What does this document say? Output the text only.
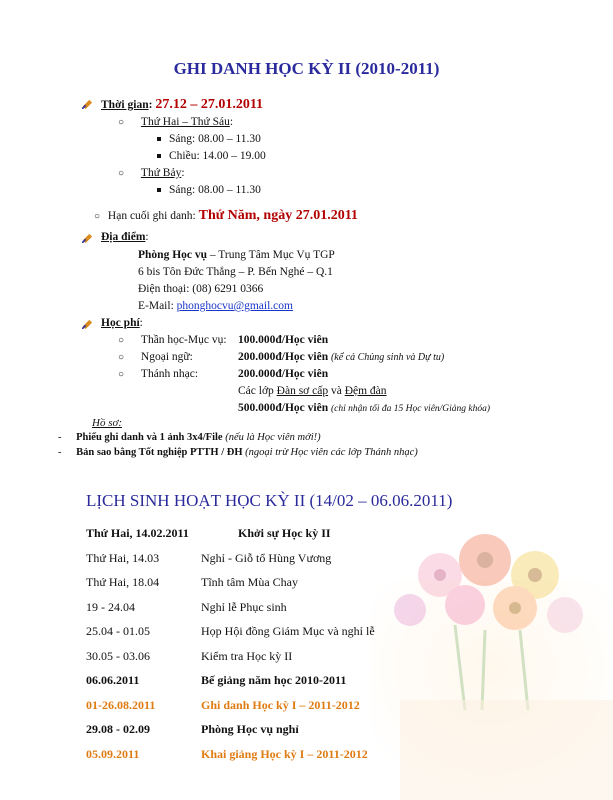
GHI DANH HỌC KỲ II (2010-2011)
Thời gian: 27.12 – 27.01.2011
○ Thứ Hai – Thứ Sáu:
Sáng: 08.00 – 11.30
Chiều: 14.00 – 19.00
○ Thứ Bảy:
Sáng: 08.00 – 11.30
○ Hạn cuối ghi danh: Thứ Năm, ngày 27.01.2011
Địa điểm:
Phòng Học vụ – Trung Tâm Mục Vụ TGP
6 bis Tôn Đức Thắng – P. Bến Nghé – Q.1
Điện thoại: (08) 6291 0366
E-Mail: phonghocvu@gmail.com
Học phí:
○ Thần học-Mục vụ: 100.000đ/Học viên
○ Ngoại ngữ:	200.000đ/Học viên (kể cả Chủng sinh và Dự tu)
○ Thánh nhạc:	200.000đ/Học viên
Các lớp Đàn sơ cấp và Đệm đàn
500.000đ/Học viên (chỉ nhận tối đa 15 Học viên/Giảng khóa)
Hồ sơ:
- Phiếu ghi danh và 1 ảnh 3x4/File (nếu là Học viên mới!)
- Bản sao bằng Tốt nghiệp PTTH / ĐH (ngoại trừ Học viên các lớp Thánh nhạc)
LỊCH SINH HOẠT HỌC KỲ II (14/02 – 06.06.2011)
Thứ Hai, 14.02.2011	Khởi sự Học kỳ II
Thứ Hai, 14.03	Nghỉ - Giỗ tổ Hùng Vương
Thứ Hai, 18.04	Tĩnh tâm Mùa Chay
19 - 24.04	Nghỉ lễ Phục sinh
25.04 - 01.05	Họp Hội đồng Giám Mục và nghỉ lễ
30.05 - 03.06	Kiểm tra Học kỳ II
06.06.2011	Bế giảng năm học 2010-2011
01-26.08.2011	Ghi danh Học kỳ I – 2011-2012
29.08 - 02.09	Phòng Học vụ nghỉ
05.09.2011	Khai giảng Học kỳ I – 2011-2012
